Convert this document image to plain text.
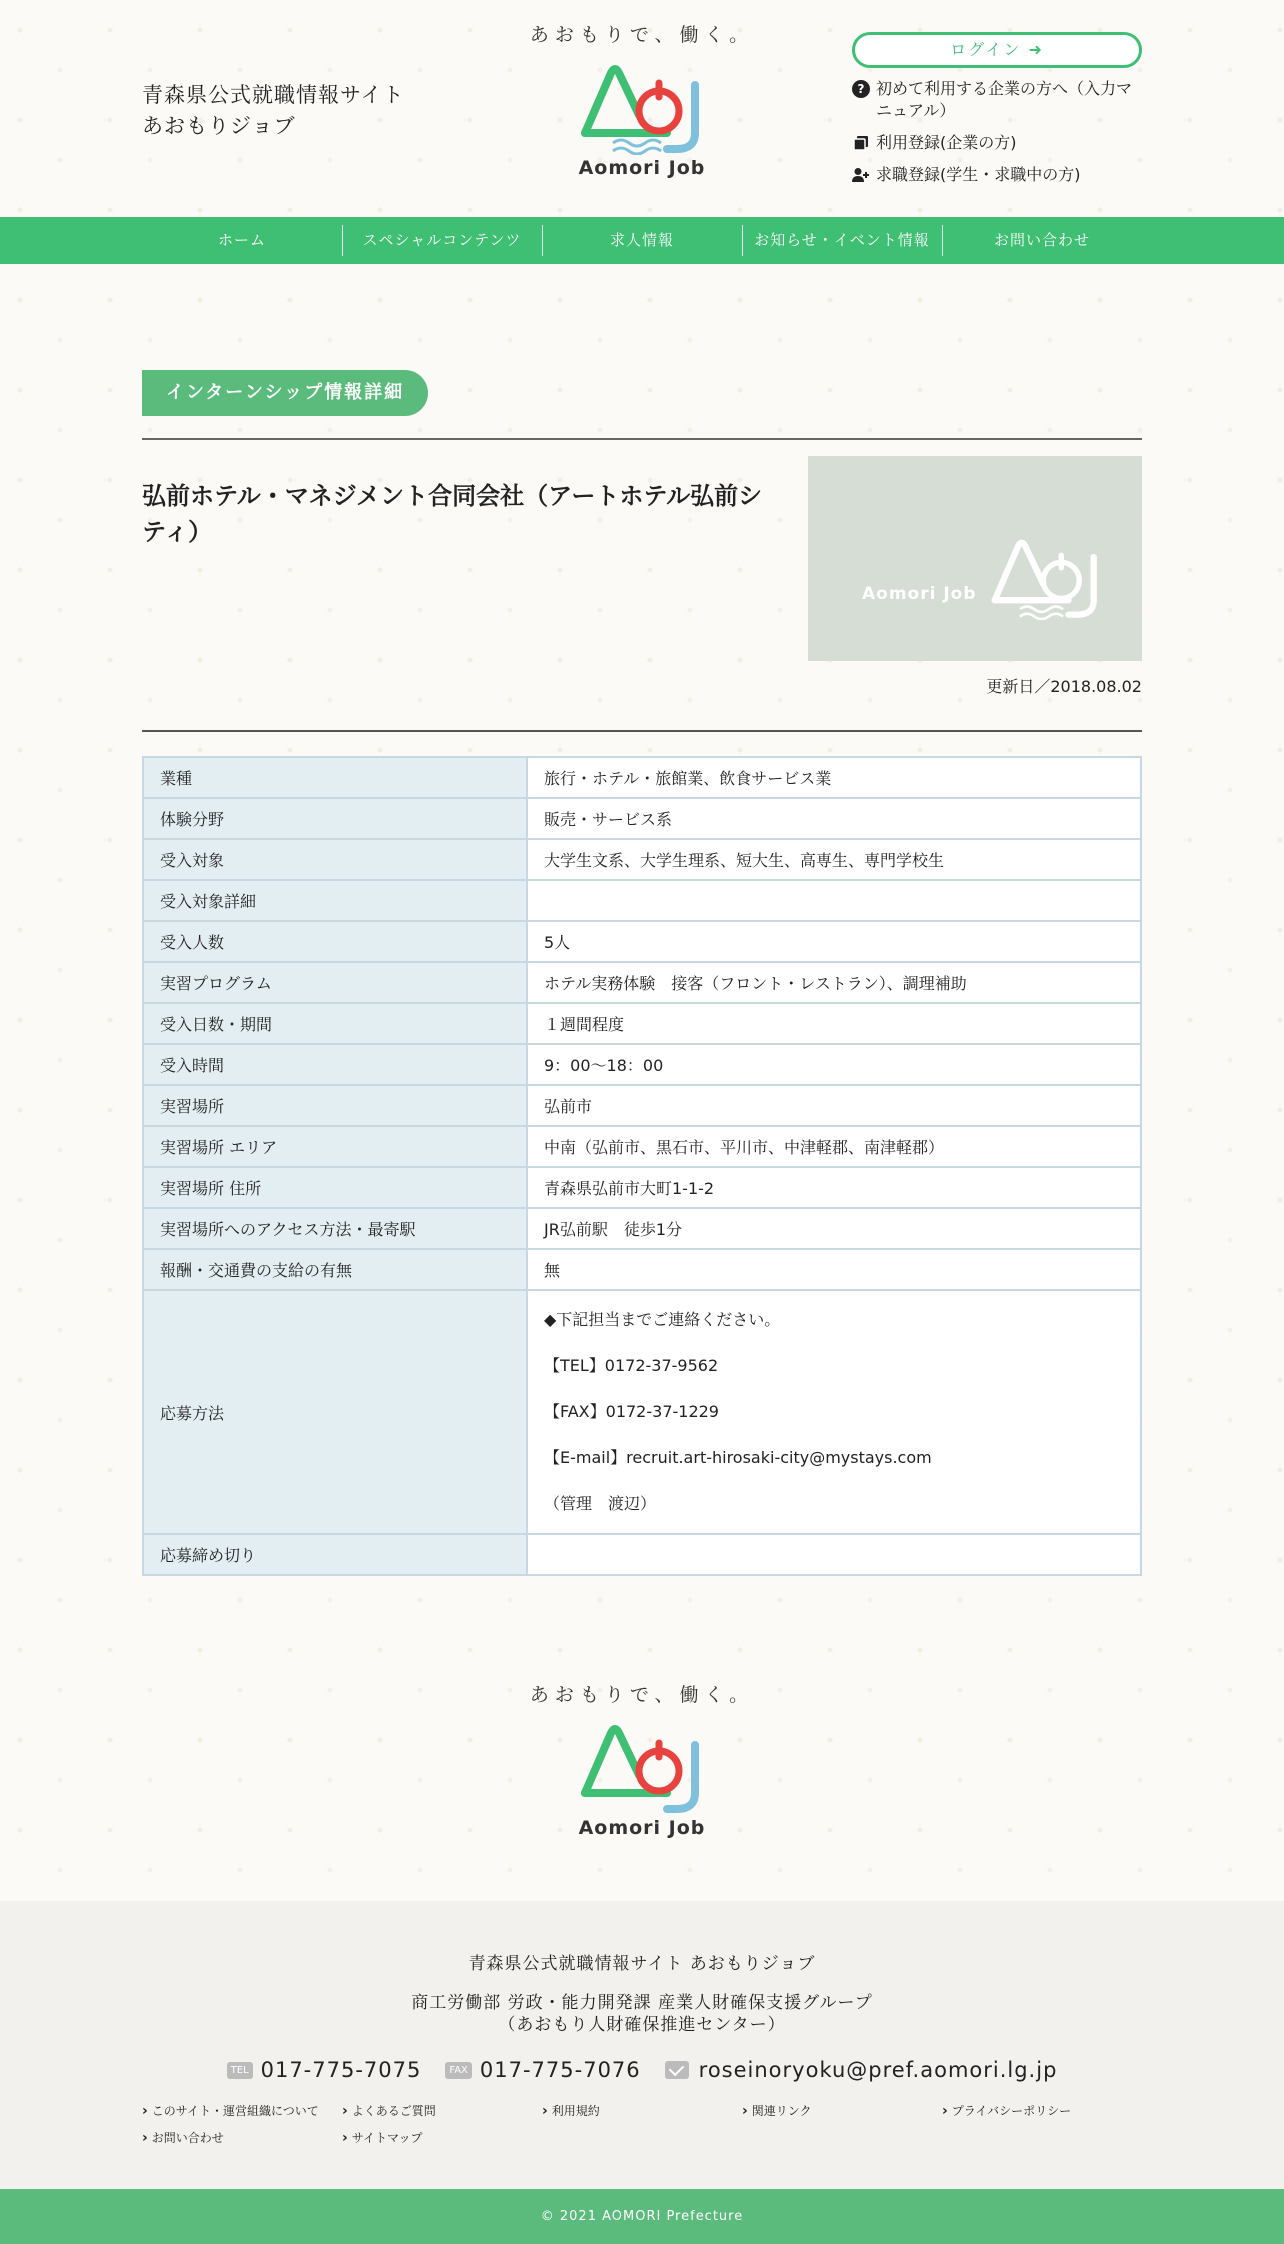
青森県公式就職情報サイト
あおもりジョブ
あおもりで、働く。
Aomori Job
ログイン ➜
? 初めて利用する企業の方へ（入力マニュアル）
利用登録(企業の方)
求職登録(学生・求職中の方)
ホーム	スペシャルコンテンツ	求人情報	お知らせ・イベント情報	お問い合わせ
インターンシップ情報詳細
弘前ホテル・マネジメント合同会社（アートホテル弘前シティ）
Aomori Job
更新日／2018.08.02
業種	旅行・ホテル・旅館業、飲食サービス業
体験分野	販売・サービス系
受入対象	大学生文系、大学生理系、短大生、高専生、専門学校生
受入対象詳細	
受入人数	5人
実習プログラム	ホテル実務体験　接客（フロント・レストラン）、調理補助
受入日数・期間	１週間程度
受入時間	9：00〜18：00
実習場所	弘前市
実習場所 エリア	中南（弘前市、黒石市、平川市、中津軽郡、南津軽郡）
実習場所 住所	青森県弘前市大町1-1-2
実習場所へのアクセス方法・最寄駅	JR弘前駅　徒歩1分
報酬・交通費の支給の有無	無
応募方法	◆下記担当までご連絡ください。

【TEL】0172-37-9562

【FAX】0172-37-1229

【E-mail】recruit.art-hirosaki-city@mystays.com

（管理　渡辺）

応募締め切り	
あおもりで、働く。
Aomori Job
青森県公式就職情報サイト あおもりジョブ
商工労働部 労政・能力開発課 産業人財確保支援グループ
（あおもり人財確保推進センター）
TEL 017-775-7075	FAX 017-775-7076	roseinoryoku@pref.aomori.lg.jp
› このサイト・運営組織について	› よくあるご質問	› 利用規約	› 関連リンク	› プライバシーポリシー
› お問い合わせ	› サイトマップ
© 2021 AOMORI Prefecture
